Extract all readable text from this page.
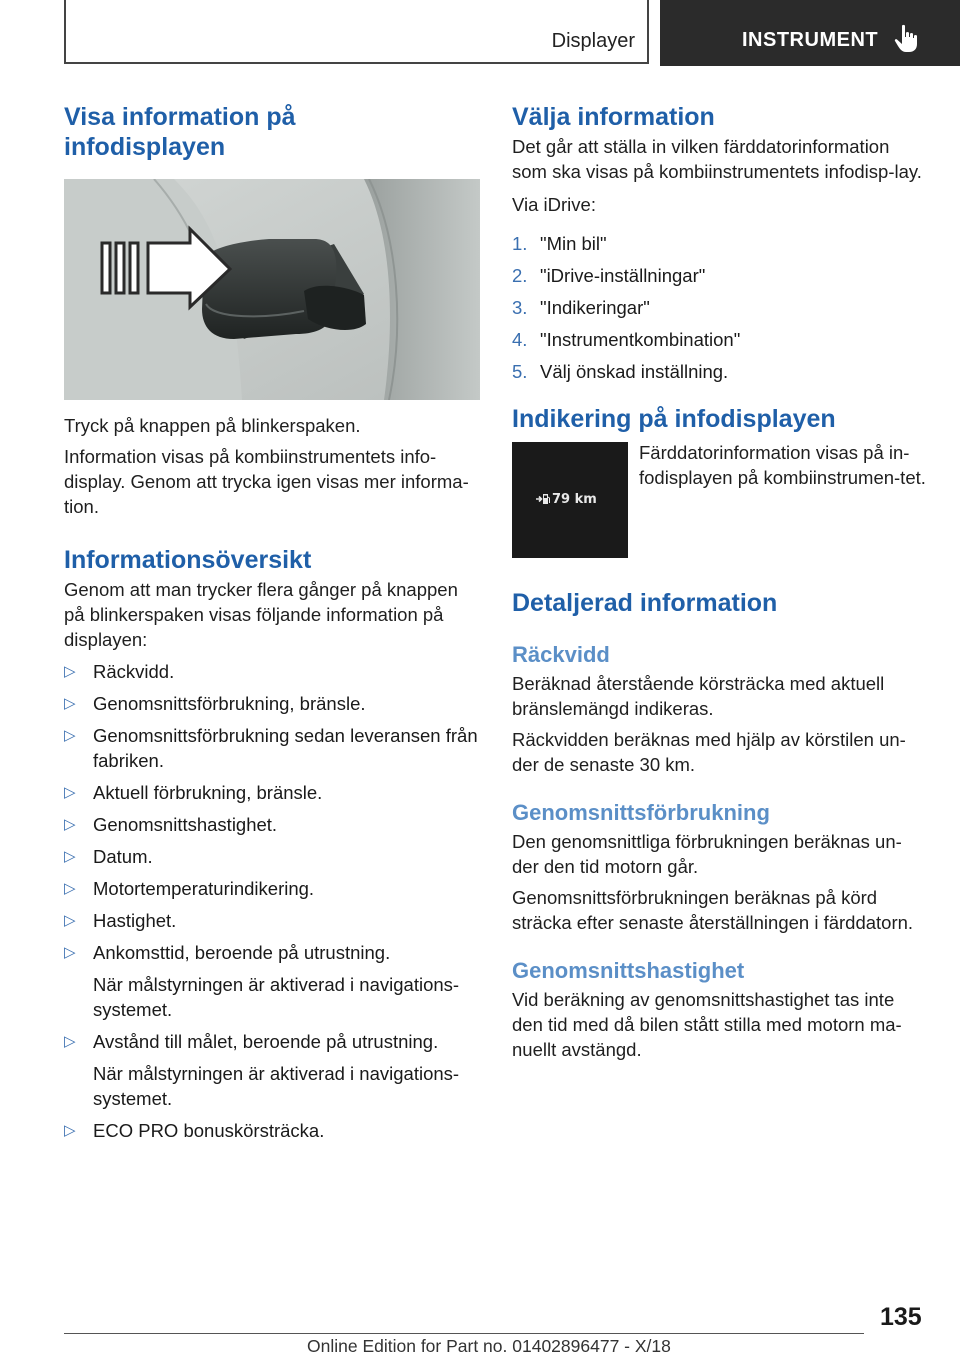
Displayer	INSTRUMENT
Visa information på
infodisplayen

Tryck på knappen på blinkerspaken.

Information visas på kombiinstrumentets info-display. Genom att trycka igen visas mer informa-tion.

Informationsöversikt

Genom att man trycker flera gånger på knappen på blinkerspaken visas följande information på displayen:

▷ Räckvidd.
▷ Genomsnittsförbrukning, bränsle.
▷ Genomsnittsförbrukning sedan leveransen från fabriken.
▷ Aktuell förbrukning, bränsle.
▷ Genomsnittshastighet.
▷ Datum.
▷ Motortemperaturindikering.
▷ Hastighet.
▷ Ankomsttid, beroende på utrustning.
När målstyrningen är aktiverad i navigations-systemet.
▷ Avstånd till målet, beroende på utrustning.
När målstyrningen är aktiverad i navigations-systemet.
▷ ECO PRO bonuskörsträcka.
Välja information

Det går att ställa in vilken färddatorinformation som ska visas på kombiinstrumentets infodisp-lay.

Via iDrive:

1. "Min bil"
2. "iDrive-inställningar"
3. "Indikeringar"
4. "Instrumentkombination"
5. Välj önskad inställning.
Indikering på infodisplayen
79 km

Färddatorinformation visas på in-fodisplayen på kombiinstrumen-tet.

Detaljerad information
Räckvidd

Beräknad återstående körsträcka med aktuell bränslemängd indikeras.

Räckvidden beräknas med hjälp av körstilen un-der de senaste 30 km.

Genomsnittsförbrukning

Den genomsnittliga förbrukningen beräknas un-der den tid motorn går.

Genomsnittsförbrukningen beräknas på körd sträcka efter senaste återställningen i färddatorn.

Genomsnittshastighet

Vid beräkning av genomsnittshastighet tas inte den tid med då bilen stått stilla med motorn ma-nuellt avstängd.

135
Online Edition for Part no. 01402896477 - X/18
